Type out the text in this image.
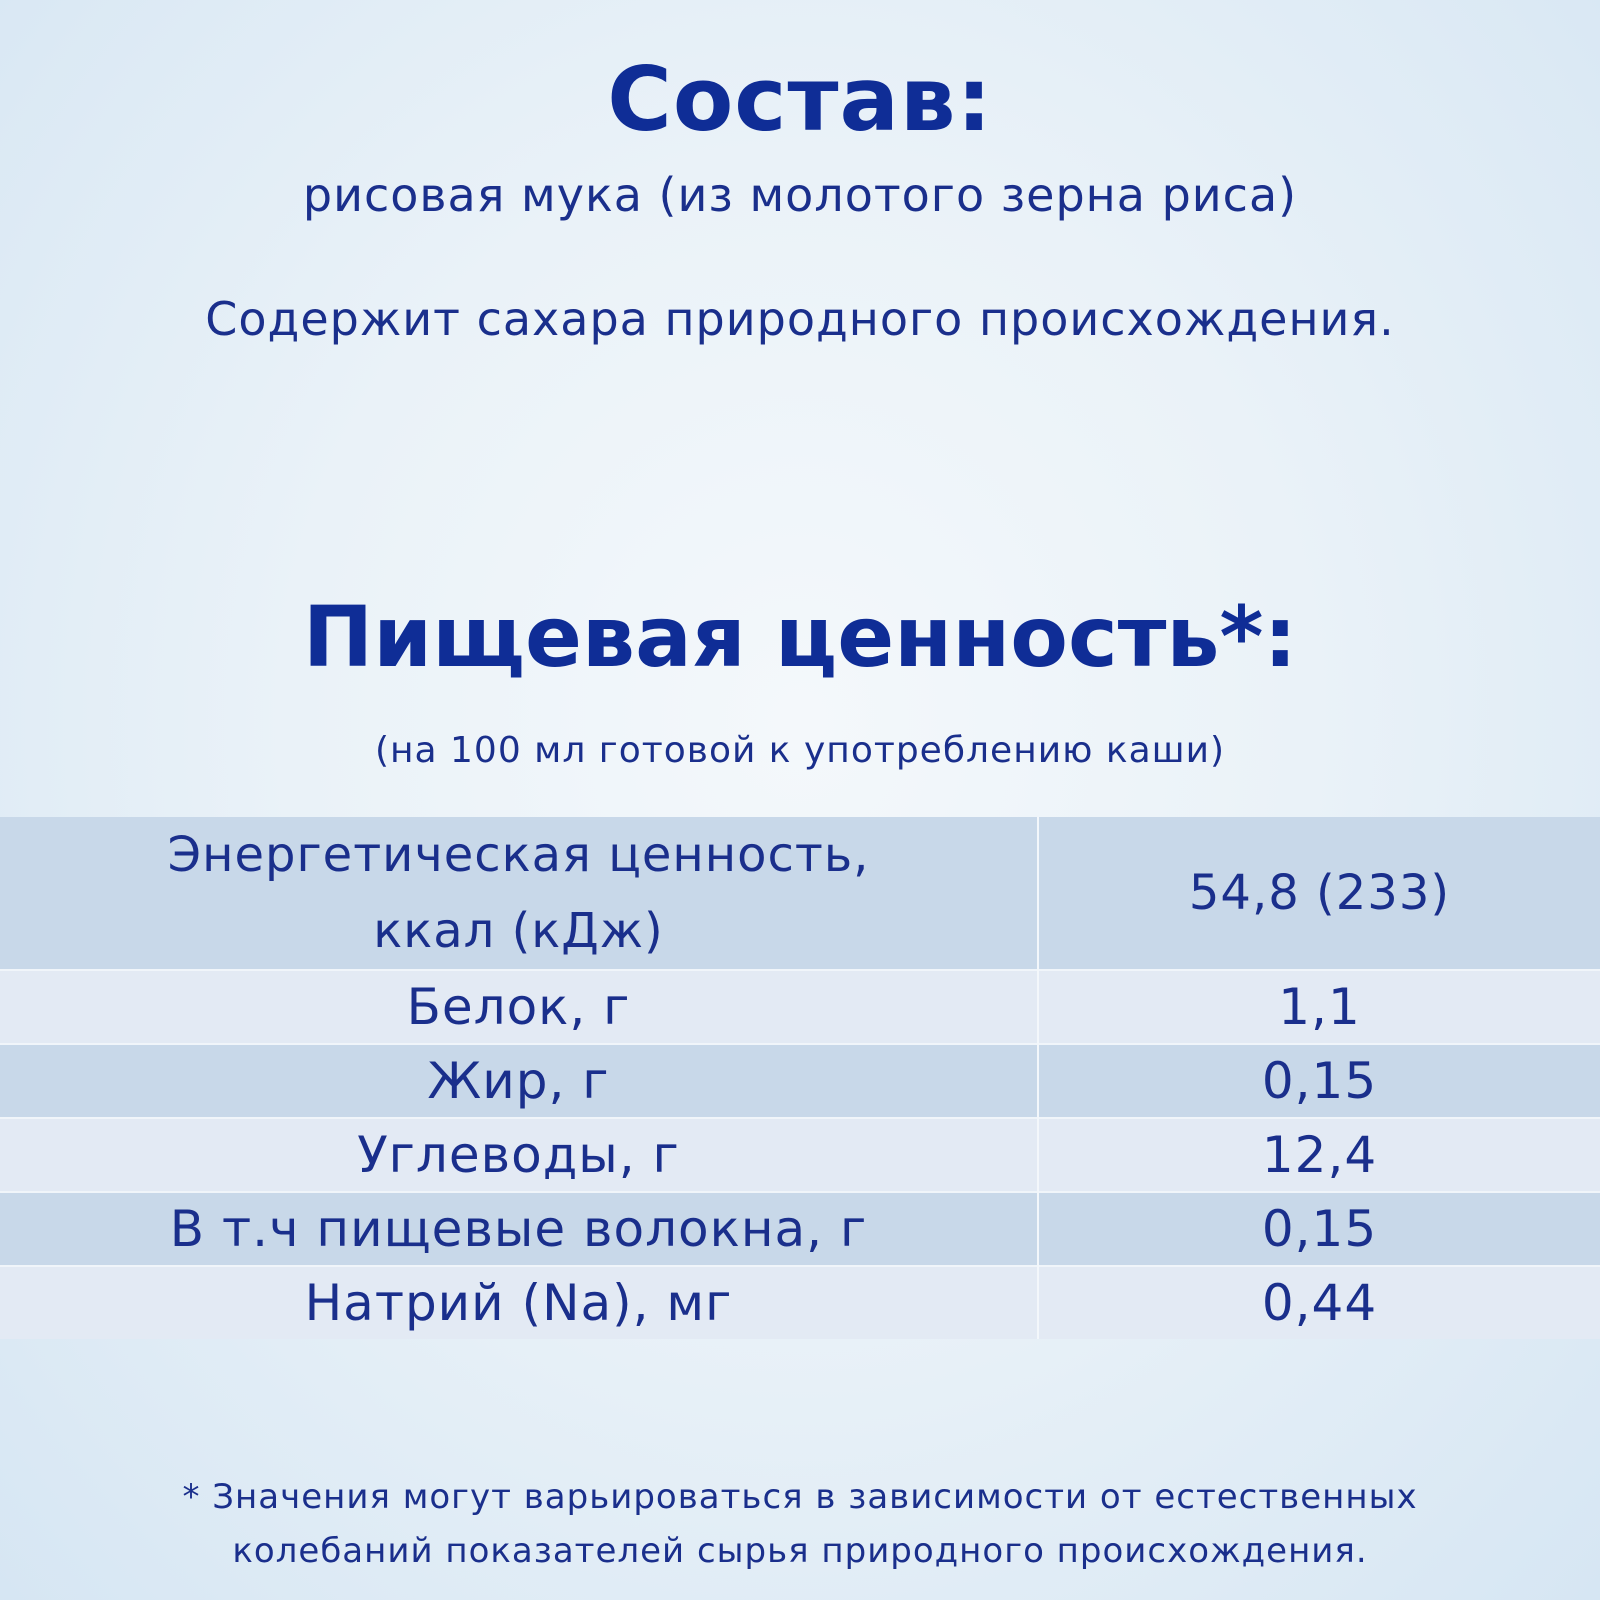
Состав:
рисовая мука (из молотого зерна риса)
Содержит сахара природного происхождения.
Пищевая ценность*:
(на 100 мл готовой к употреблению каши)
Энергетическая ценность,
ккал (кДж)	54,8 (233)
Белок, г	1,1
Жир, г	0,15
Углеводы, г	12,4
В т.ч пищевые волокна, г	0,15
Натрий (Na), мг	0,44
* Значения могут варьироваться в зависимости от естественных
колебаний показателей сырья природного происхождения.
